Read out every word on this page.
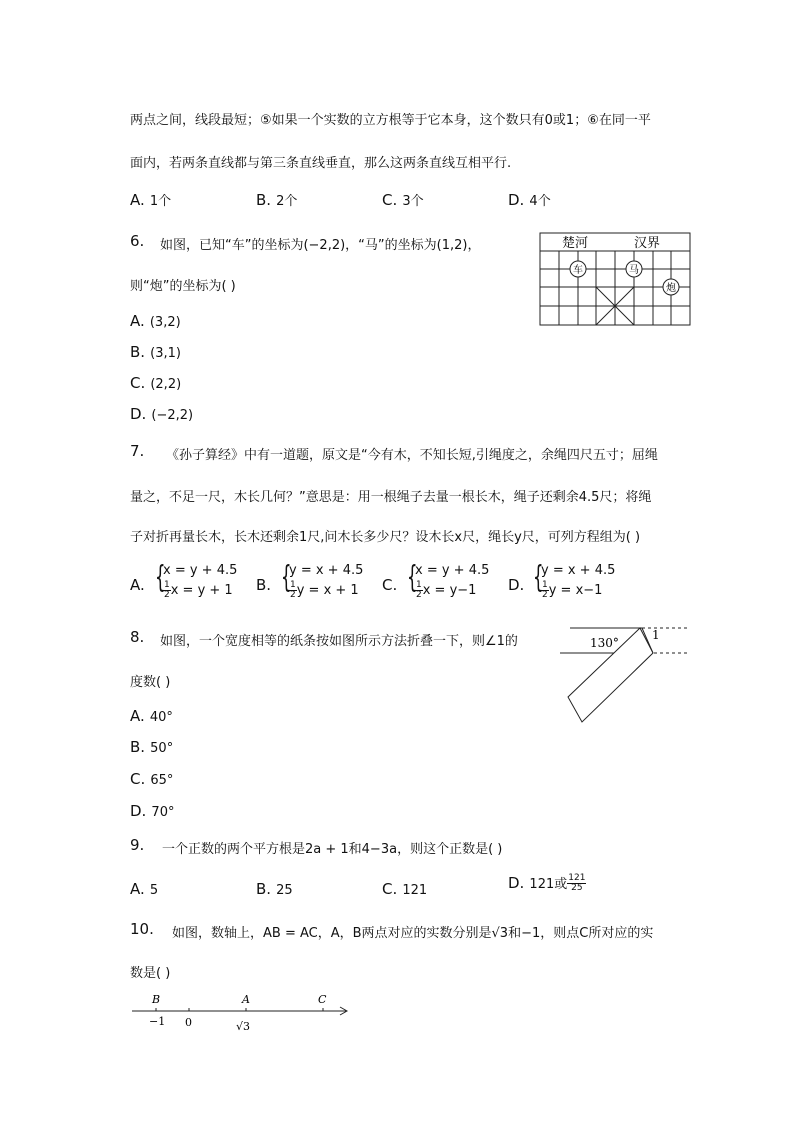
两点之间，线段最短；⑤如果一个实数的立方根等于它本身，这个数只有0或1；⑥在同一平
面内，若两条直线都与第三条直线垂直，那么这两条直线互相平行.
A. 1个	B. 2个	C. 3个	D. 4个
6. 如图，已知“车”的坐标为(−2,2)，“马”的坐标为(1,2)，
则“炮”的坐标为( )
A. (3,2)
B. (3,1)
C. (2,2)
D. (−2,2)
楚河	汉界
车	马
炮
7. 《孙子算经》中有一道题，原文是“今有木，不知长短,引绳度之，余绳四尺五寸；屈绳
量之，不足一尺，木长几何？”意思是：用一根绳子去量一根长木，绳子还剩余4.5尺；将绳
子对折再量长木，长木还剩余1尺,问木长多少尺？设木长x尺，绳长y尺，可列方程组为( )
A. {
x = y + 4.5
$\frac{1}{2}$ x = y + 1 B. {
y = x + 4.5
$\frac{1}{2}$ y = x + 1 C. {
x = y + 4.5
$\frac{1}{2}$ x = y−1 D. {
y = x + 4.5
$\frac{1}{2}$ y = x−1
8. 如图，一个宽度相等的纸条按如图所示方法折叠一下，则∠1的
度数( )
A. 40°
B. 50°
C. 65°
D. 70°
130°
1
9. 一个正数的两个平方根是2a + 1和4−3a，则这个正数是( )
A. 5	B. 25	C. 121	D. 121或 $\frac{121}{25}$
10. 如图，数轴上，AB = AC，A，B两点对应的实数分别是√3和−1，则点C所对应的实
数是( )
B	A	C
−1 0	√3
